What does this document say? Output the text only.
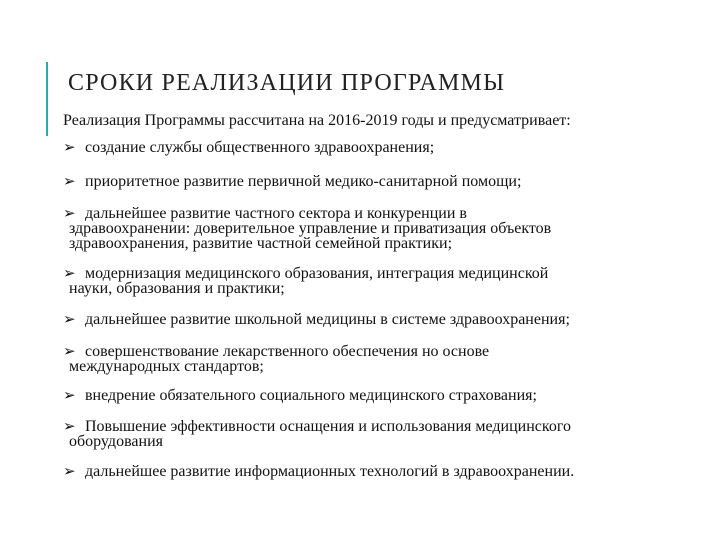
СРОКИ РЕАЛИЗАЦИИ ПРОГРАММЫ
Реализация Программы рассчитана на 2016-2019 годы и предусматривает:
➢ создание службы общественного здравоохранения;
➢ приоритетное развитие первичной медико-санитарной помощи;
➢ дальнейшее развитие частного сектора и конкуренции в
здравоохранении: доверительное управление и приватизация объектов
здравоохранения, развитие частной семейной практики;
➢ модернизация медицинского образования, интеграция медицинской
науки, образования и практики;
➢ дальнейшее развитие школьной медицины в системе здравоохранения;
➢ совершенствование лекарственного обеспечения но основе
международных стандартов;
➢ внедрение обязательного социального медицинского страхования;
➢ Повышение эффективности оснащения и использования медицинского
оборудования
➢ дальнейшее развитие информационных технологий в здравоохранении.
